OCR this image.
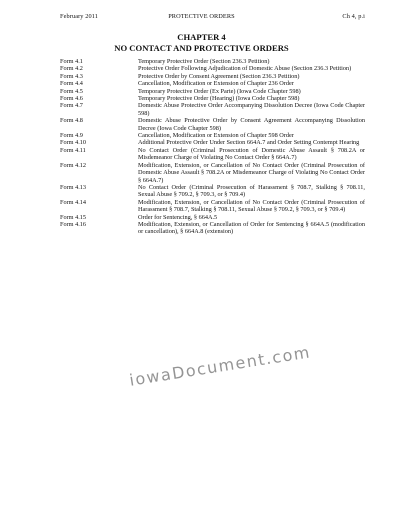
February 2011	PROTECTIVE ORDERS	Ch 4, p.i
CHAPTER 4
NO CONTACT AND PROTECTIVE ORDERS
Form 4.1	Temporary Protective Order (Section 236.3 Petition)
Form 4.2	Protective Order Following Adjudication of Domestic Abuse (Section 236.3 Petition)
Form 4.3	Protective Order by Consent Agreement (Section 236.3 Petition)
Form 4.4	Cancellation, Modification or Extension of Chapter 236 Order
Form 4.5	Temporary Protective Order (Ex Parte) (Iowa Code Chapter 598)
Form 4.6	Temporary Protective Order (Hearing) (Iowa Code Chapter 598)
Form 4.7	Domestic Abuse Protective Order Accompanying Dissolution Decree (Iowa Code Chapter 598)
Form 4.8	Domestic Abuse Protective Order by Consent Agreement Accompanying Dissolution Decree (Iowa Code Chapter 598)
Form 4.9	Cancellation, Modification or Extension of Chapter 598 Order
Form 4.10	Additional Protective Order Under Section 664A.7 and Order Setting Contempt Hearing
Form 4.11	No Contact Order (Criminal Prosecution of Domestic Abuse Assault § 708.2A or Misdemeanor Charge of Violating No Contact Order § 664A.7)
Form 4.12	Modification, Extension, or Cancellation of No Contact Order (Criminal Prosecution of Domestic Abuse Assault § 708.2A or Misdemeanor Charge of Violating No Contact Order § 664A.7)
Form 4.13	No Contact Order (Criminal Prosecution of Harassment § 708.7, Stalking § 708.11, Sexual Abuse § 709.2, § 709.3, or § 709.4)
Form 4.14	Modification, Extension, or Cancellation of No Contact Order (Criminal Prosecution of Harassment § 708.7, Stalking § 708.11, Sexual Abuse § 709.2, § 709.3, or § 709.4)
Form 4.15	Order for Sentencing, § 664A.5
Form 4.16	Modification, Extension, or Cancellation of Order for Sentencing § 664A.5 (modification or cancellation), § 664A.8 (extension)
iowaDocument.com
